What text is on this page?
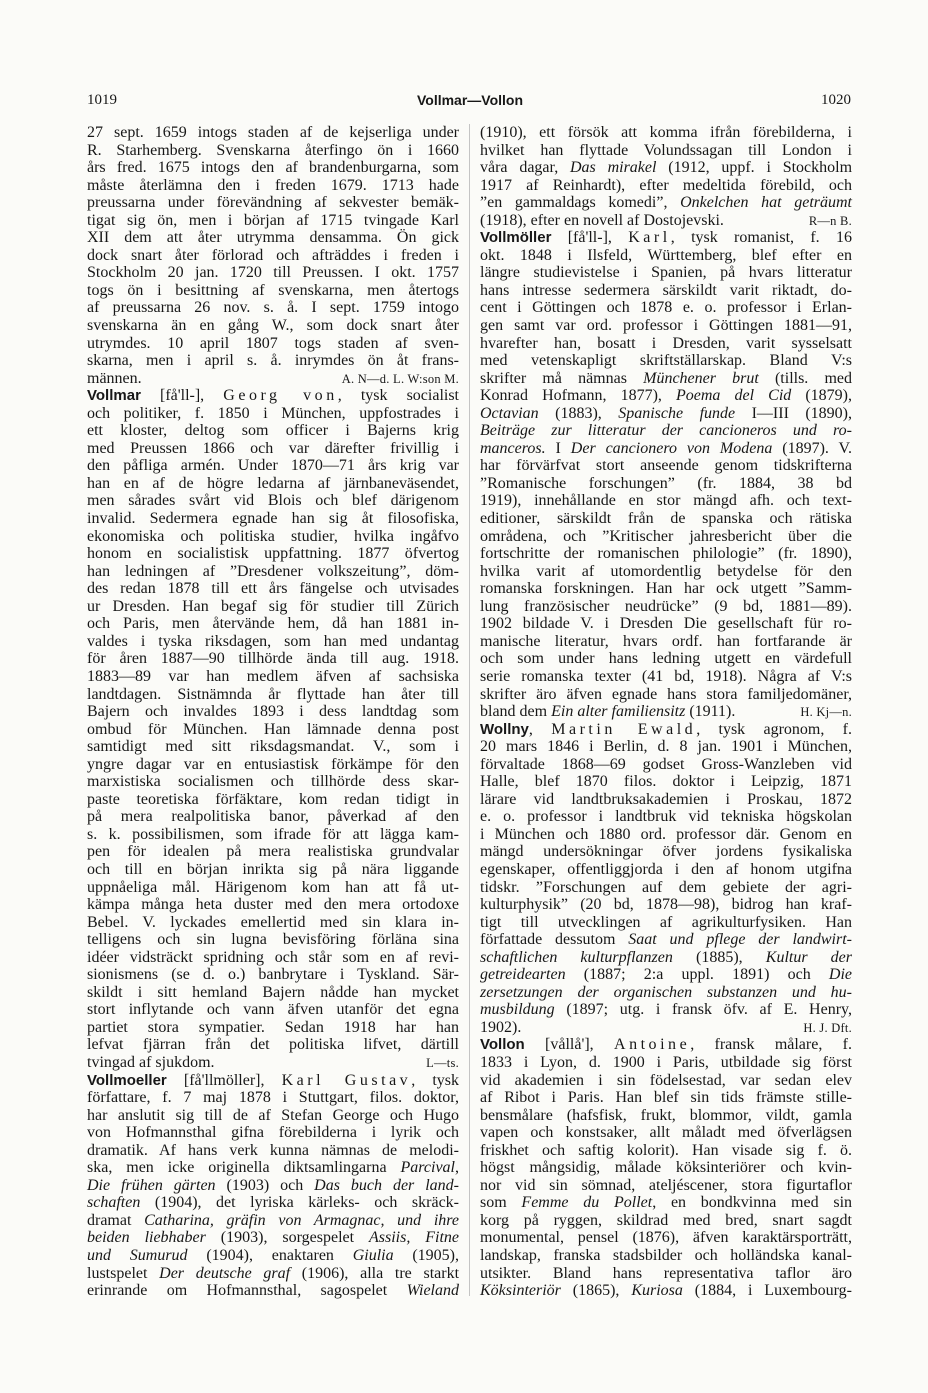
1019	Vollmar—Vollon	1020
27 sept. 1659 intogs staden af de kejserliga under
R. Starhemberg. Svenskarna återfingo ön i 1660
års fred. 1675 intogs den af brandenburgarna, som
måste återlämna den i freden 1679. 1713 hade
preussarna under förevändning af sekvester bemäk-
tigat sig ön, men i början af 1715 tvingade Karl
XII dem att åter utrymma densamma. Ön gick
dock snart åter förlorad och afträddes i freden i
Stockholm 20 jan. 1720 till Preussen. I okt. 1757
togs ön i besittning af svenskarna, men återtogs
af preussarna 26 nov. s. å. I sept. 1759 intogo
svenskarna än en gång W., som dock snart åter
utrymdes. 10 april 1807 togs staden af sven-
skarna, men i april s. å. inrymdes ön åt frans-
männen.	A. N—d. L. W:son M.
Vollmar [få'll-], Georg von, tysk socialist
och politiker, f. 1850 i München, uppfostrades i
ett kloster, deltog som officer i Bajerns krig
med Preussen 1866 och var därefter frivillig i
den påfliga armén. Under 1870—71 års krig var
han en af de högre ledarna af järnbaneväsendet,
men sårades svårt vid Blois och blef därigenom
invalid. Sedermera egnade han sig åt filosofiska,
ekonomiska och politiska studier, hvilka ingåfvo
honom en socialistisk uppfattning. 1877 öfvertog
han ledningen af ”Dresdener volkszeitung”, döm-
des redan 1878 till ett års fängelse och utvisades
ur Dresden. Han begaf sig för studier till Zürich
och Paris, men återvände hem, då han 1881 in-
valdes i tyska riksdagen, som han med undantag
för åren 1887—90 tillhörde ända till aug. 1918.
1883—89 var han medlem äfven af sachsiska
landtdagen. Sistnämnda år flyttade han åter till
Bajern och invaldes 1893 i dess landtdag som
ombud för München. Han lämnade denna post
samtidigt med sitt riksdagsmandat. V., som i
yngre dagar var en entusiastisk förkämpe för den
marxistiska socialismen och tillhörde dess skar-
paste teoretiska förfäktare, kom redan tidigt in
på mera realpolitiska banor, påverkad af den
s. k. possibilismen, som ifrade för att lägga kam-
pen för idealen på mera realistiska grundvalar
och till en början inrikta sig på nära liggande
uppnåeliga mål. Härigenom kom han att få ut-
kämpa många heta duster med den mera ortodoxe
Bebel. V. lyckades emellertid med sin klara in-
telligens och sin lugna bevisföring förläna sina
idéer vidsträckt spridning och står som en af revi-
sionismens (se d. o.) banbrytare i Tyskland. Sär-
skildt i sitt hemland Bajern nådde han mycket
stort inflytande och vann äfven utanför det egna
partiet stora sympatier. Sedan 1918 har han
lefvat fjärran från det politiska lifvet, därtill
tvingad af sjukdom.	L—ts.
Vollmoeller [få'llmöller], Karl Gustav, tysk
författare, f. 7 maj 1878 i Stuttgart, filos. doktor,
har anslutit sig till de af Stefan George och Hugo
von Hofmannsthal gifna förebilderna i lyrik och
dramatik. Af hans verk kunna nämnas de melodi-
ska, men icke originella diktsamlingarna Parcival,
Die frühen gärten (1903) och Das buch der land-
schaften (1904), det lyriska kärleks- och skräck-
dramat Catharina, gräfin von Armagnac, und ihre
beiden liebhaber (1903), sorgespelet Assiis, Fitne
und Sumurud (1904), enaktaren Giulia (1905),
lustspelet Der deutsche graf (1906), alla tre starkt
erinrande om Hofmannsthal, sagospelet Wieland
(1910), ett försök att komma ifrån förebilderna, i
hvilket han flyttade Volundssagan till London i
våra dagar, Das mirakel (1912, uppf. i Stockholm
1917 af Reinhardt), efter medeltida förebild, och
”en gammaldags komedi”, Onkelchen hat geträumt
(1918), efter en novell af Dostojevski.	R—n B.
Vollmöller [få'll-], Karl, tysk romanist, f. 16
okt. 1848 i Ilsfeld, Württemberg, blef efter en
längre studievistelse i Spanien, på hvars litteratur
hans intresse sedermera särskildt varit riktadt, do-
cent i Göttingen och 1878 e. o. professor i Erlan-
gen samt var ord. professor i Göttingen 1881—91,
hvarefter han, bosatt i Dresden, varit sysselsatt
med vetenskapligt skriftställarskap. Bland V:s
skrifter må nämnas Münchener brut (tills. med
Konrad Hofmann, 1877), Poema del Cid (1879),
Octavian (1883), Spanische funde I—III (1890),
Beiträge zur litteratur der cancioneros und ro-
manceros. I Der cancionero von Modena (1897). V.
har förvärfvat stort anseende genom tidskrifterna
”Romanische forschungen” (fr. 1884, 38 bd
1919), innehållande en stor mängd afh. och text-
editioner, särskildt från de spanska och rätiska
områdena, och ”Kritischer jahresbericht über die
fortschritte der romanischen philologie” (fr. 1890),
hvilka varit af utomordentlig betydelse för den
romanska forskningen. Han har ock utgett ”Samm-
lung französischer neudrücke” (9 bd, 1881—89).
1902 bildade V. i Dresden Die gesellschaft für ro-
manische literatur, hvars ordf. han fortfarande är
och som under hans ledning utgett en värdefull
serie romanska texter (41 bd, 1918). Några af V:s
skrifter äro äfven egnade hans stora familjedomäner,
bland dem Ein alter familiensitz (1911).	H. Kj—n.
Wollny, Martin Ewald, tysk agronom, f.
20 mars 1846 i Berlin, d. 8 jan. 1901 i München,
förvaltade 1868—69 godset Gross-Wanzleben vid
Halle, blef 1870 filos. doktor i Leipzig, 1871
lärare vid landtbruksakademien i Proskau, 1872
e. o. professor i landtbruk vid tekniska högskolan
i München och 1880 ord. professor där. Genom en
mängd undersökningar öfver jordens fysikaliska
egenskaper, offentliggjorda i den af honom utgifna
tidskr. ”Forschungen auf dem gebiete der agri-
kulturphysik” (20 bd, 1878—98), bidrog han kraf-
tigt till utvecklingen af agrikulturfysiken. Han
författade dessutom Saat und pflege der landwirt-
schaftlichen kulturpflanzen (1885), Kultur der
getreidearten (1887; 2:a uppl. 1891) och Die
zersetzungen der organischen substanzen und hu-
musbildung (1897; utg. i fransk öfv. af E. Henry,
1902).	H. J. Dft.
Vollon [vållå'], Antoine, fransk målare, f.
1833 i Lyon, d. 1900 i Paris, utbildade sig först
vid akademien i sin födelsestad, var sedan elev
af Ribot i Paris. Han blef sin tids främste stille-
bensmålare (hafsfisk, frukt, blommor, vildt, gamla
vapen och konstsaker, allt måladt med öfverlägsen
friskhet och saftig kolorit). Han visade sig f. ö.
högst mångsidig, målade köksinteriörer och kvin-
nor vid sin sömnad, ateljéscener, stora figurtaflor
som Femme du Pollet, en bondkvinna med sin
korg på ryggen, skildrad med bred, snart sagdt
monumental, pensel (1876), äfven karaktärsporträtt,
landskap, franska stadsbilder och holländska kanal-
utsikter. Bland hans representativa taflor äro
Köksinteriör (1865), Kuriosa (1884, i Luxembourg-
